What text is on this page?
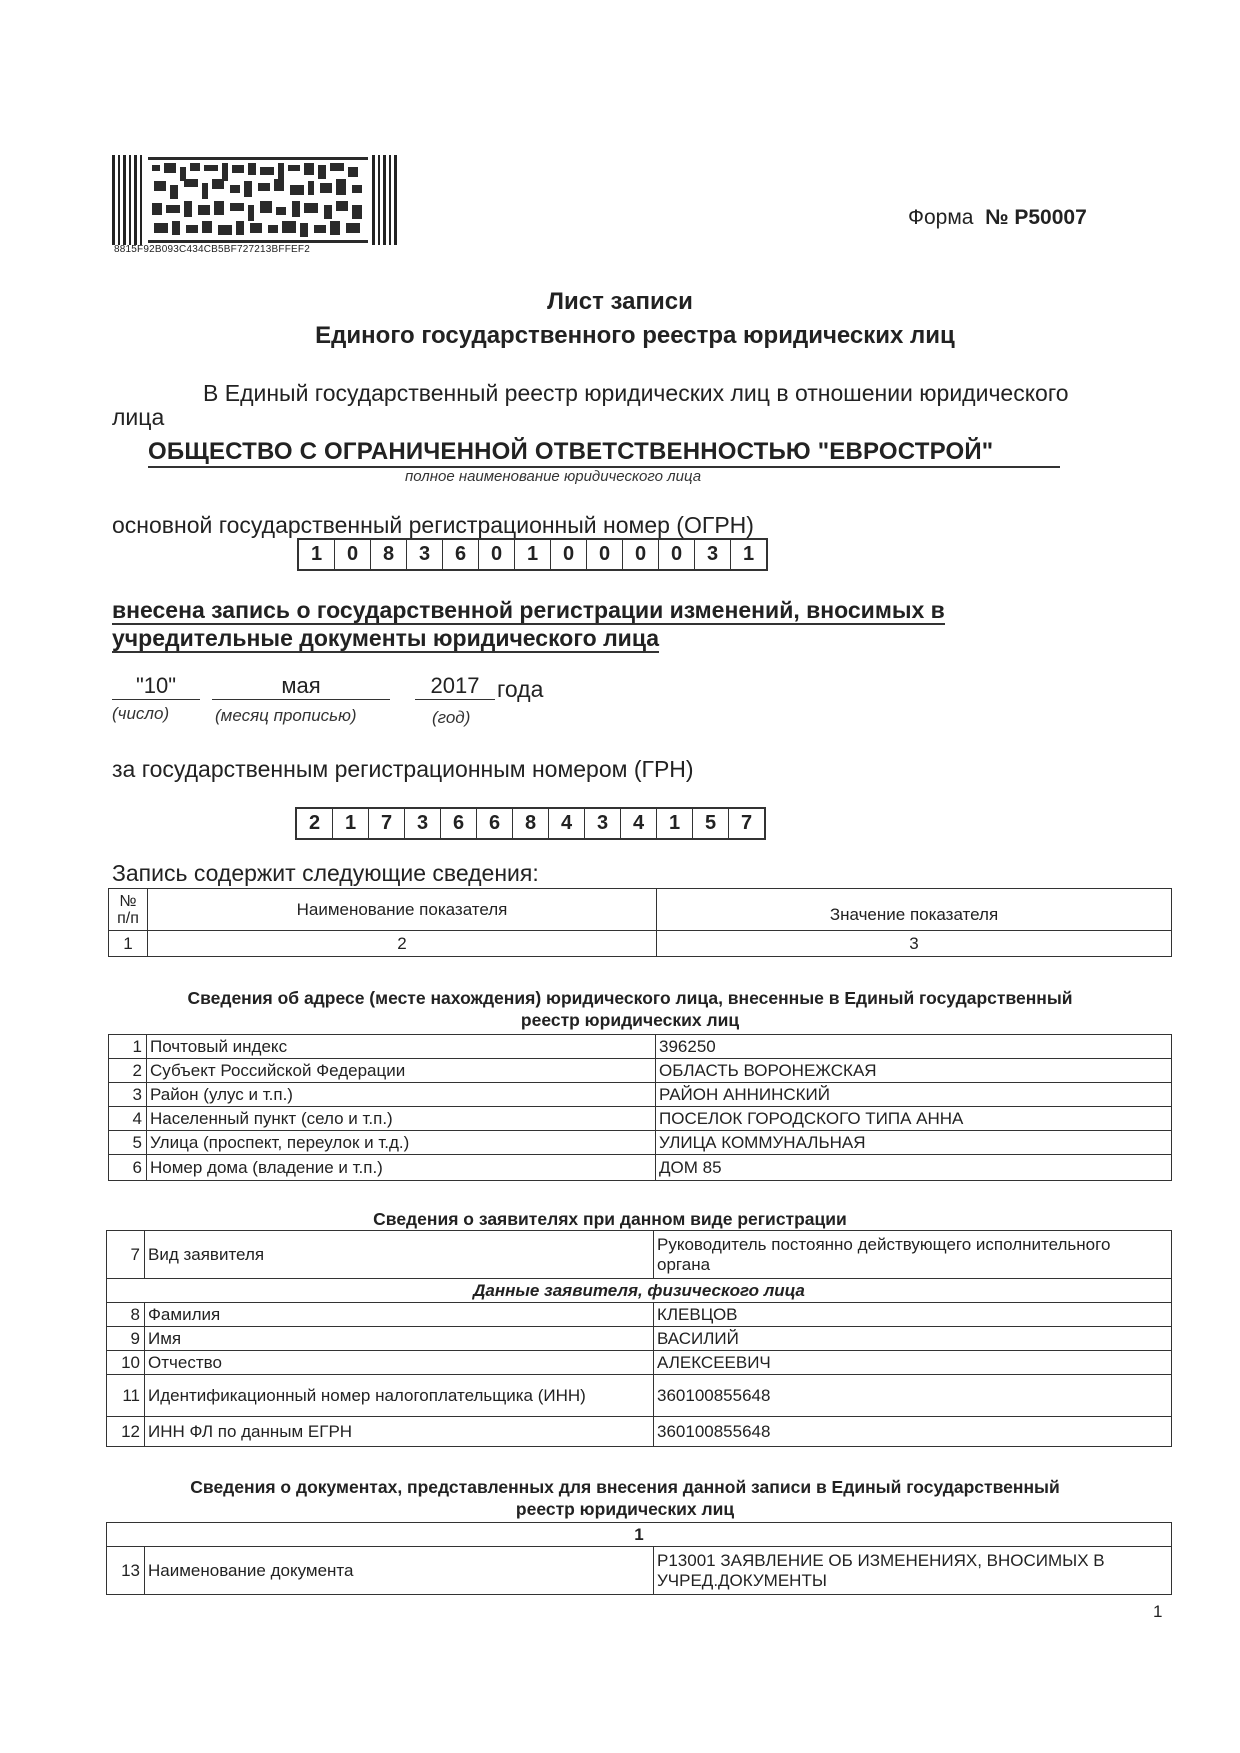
8815F92B093C434CB5BF727213BFFEF2
Форма № Р50007
Лист записи
Единого государственного реестра юридических лиц
В Единый государственный реестр юридических лиц в отношении юридического
лица
ОБЩЕСТВО С ОГРАНИЧЕННОЙ ОТВЕТСТВЕННОСТЬЮ "ЕВРОСТРОЙ"
полное наименование юридического лица
основной государственный регистрационный номер (ОГРН)
1	0	8	3	6	0	1	0	0	0	0	3	1
внесена запись о государственной регистрации изменений, вносимых в
учредительные документы юридического лица
"10"	мая	2017 года
(число)	(месяц прописью)	(год)
за государственным регистрационным номером (ГРН)
2	1	7	3	6	6	8	4	3	4	1	5	7
Запись содержит следующие сведения:
№ п/п	Наименование показателя	Значение показателя
1	2	3
Сведения об адресе (месте нахождения) юридического лица, внесенные в Единый государственный
реестр юридических лиц
1	Почтовый индекс	396250
2	Субъект Российской Федерации	ОБЛАСТЬ ВОРОНЕЖСКАЯ
3	Район (улус и т.п.)	РАЙОН АННИНСКИЙ
4	Населенный пункт (село и т.п.)	ПОСЕЛОК ГОРОДСКОГО ТИПА АННА
5	Улица (проспект, переулок и т.д.)	УЛИЦА КОММУНАЛЬНАЯ
6	Номер дома (владение и т.п.)	ДОМ 85
Сведения о заявителях при данном виде регистрации
7	Вид заявителя	Руководитель постоянно действующего исполнительного органа
Данные заявителя, физического лица		
8	Фамилия	КЛЕВЦОВ
9	Имя	ВАСИЛИЙ
10	Отчество	АЛЕКСЕЕВИЧ
11	Идентификационный номер налогоплательщика (ИНН)	360100855648
12	ИНН ФЛ по данным ЕГРН	360100855648
Сведения о документах, представленных для внесения данной записи в Единый государственный
реестр юридических лиц
1
13	Наименование документа	Р13001 ЗАЯВЛЕНИЕ ОБ ИЗМЕНЕНИЯХ, ВНОСИМЫХ В УЧРЕД.ДОКУМЕНТЫ
1
